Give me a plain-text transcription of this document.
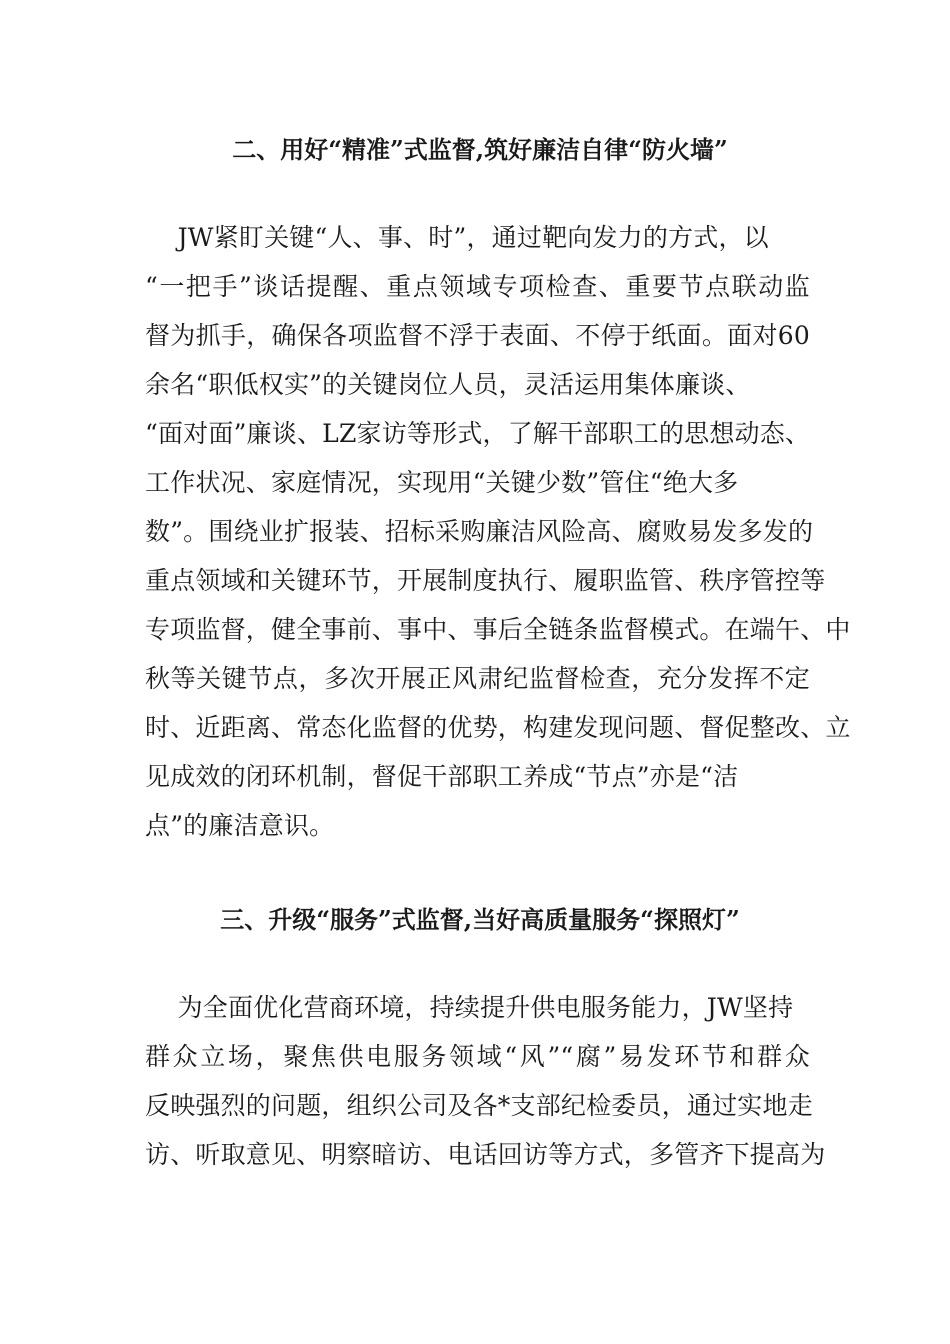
二、用好“精准”式监督,筑好廉洁自律“防火墙”
JW紧盯关键“人、事、时”，通过靶向发力的方式，以
“一把手”谈话提醒、重点领域专项检查、重要节点联动监
督为抓手，确保各项监督不浮于表面、不停于纸面。面对60
余名“职低权实”的关键岗位人员，灵活运用集体廉谈、
“面对面”廉谈、LZ家访等形式，了解干部职工的思想动态、
工作状况、家庭情况，实现用“关键少数”管住“绝大多
数”。围绕业扩报装、招标采购廉洁风险高、腐败易发多发的
重点领域和关键环节，开展制度执行、履职监管、秩序管控等
专项监督，健全事前、事中、事后全链条监督模式。在端午、中
秋等关键节点，多次开展正风肃纪监督检查，充分发挥不定
时、近距离、常态化监督的优势，构建发现问题、督促整改、立
见成效的闭环机制，督促干部职工养成“节点”亦是“洁
点”的廉洁意识。
三、升级“服务”式监督,当好高质量服务“探照灯”
为全面优化营商环境，持续提升供电服务能力，JW坚持
群众立场，聚焦供电服务领域“风”“腐”易发环节和群众
反映强烈的问题，组织公司及各*支部纪检委员，通过实地走
访、听取意见、明察暗访、电话回访等方式，多管齐下提高为
